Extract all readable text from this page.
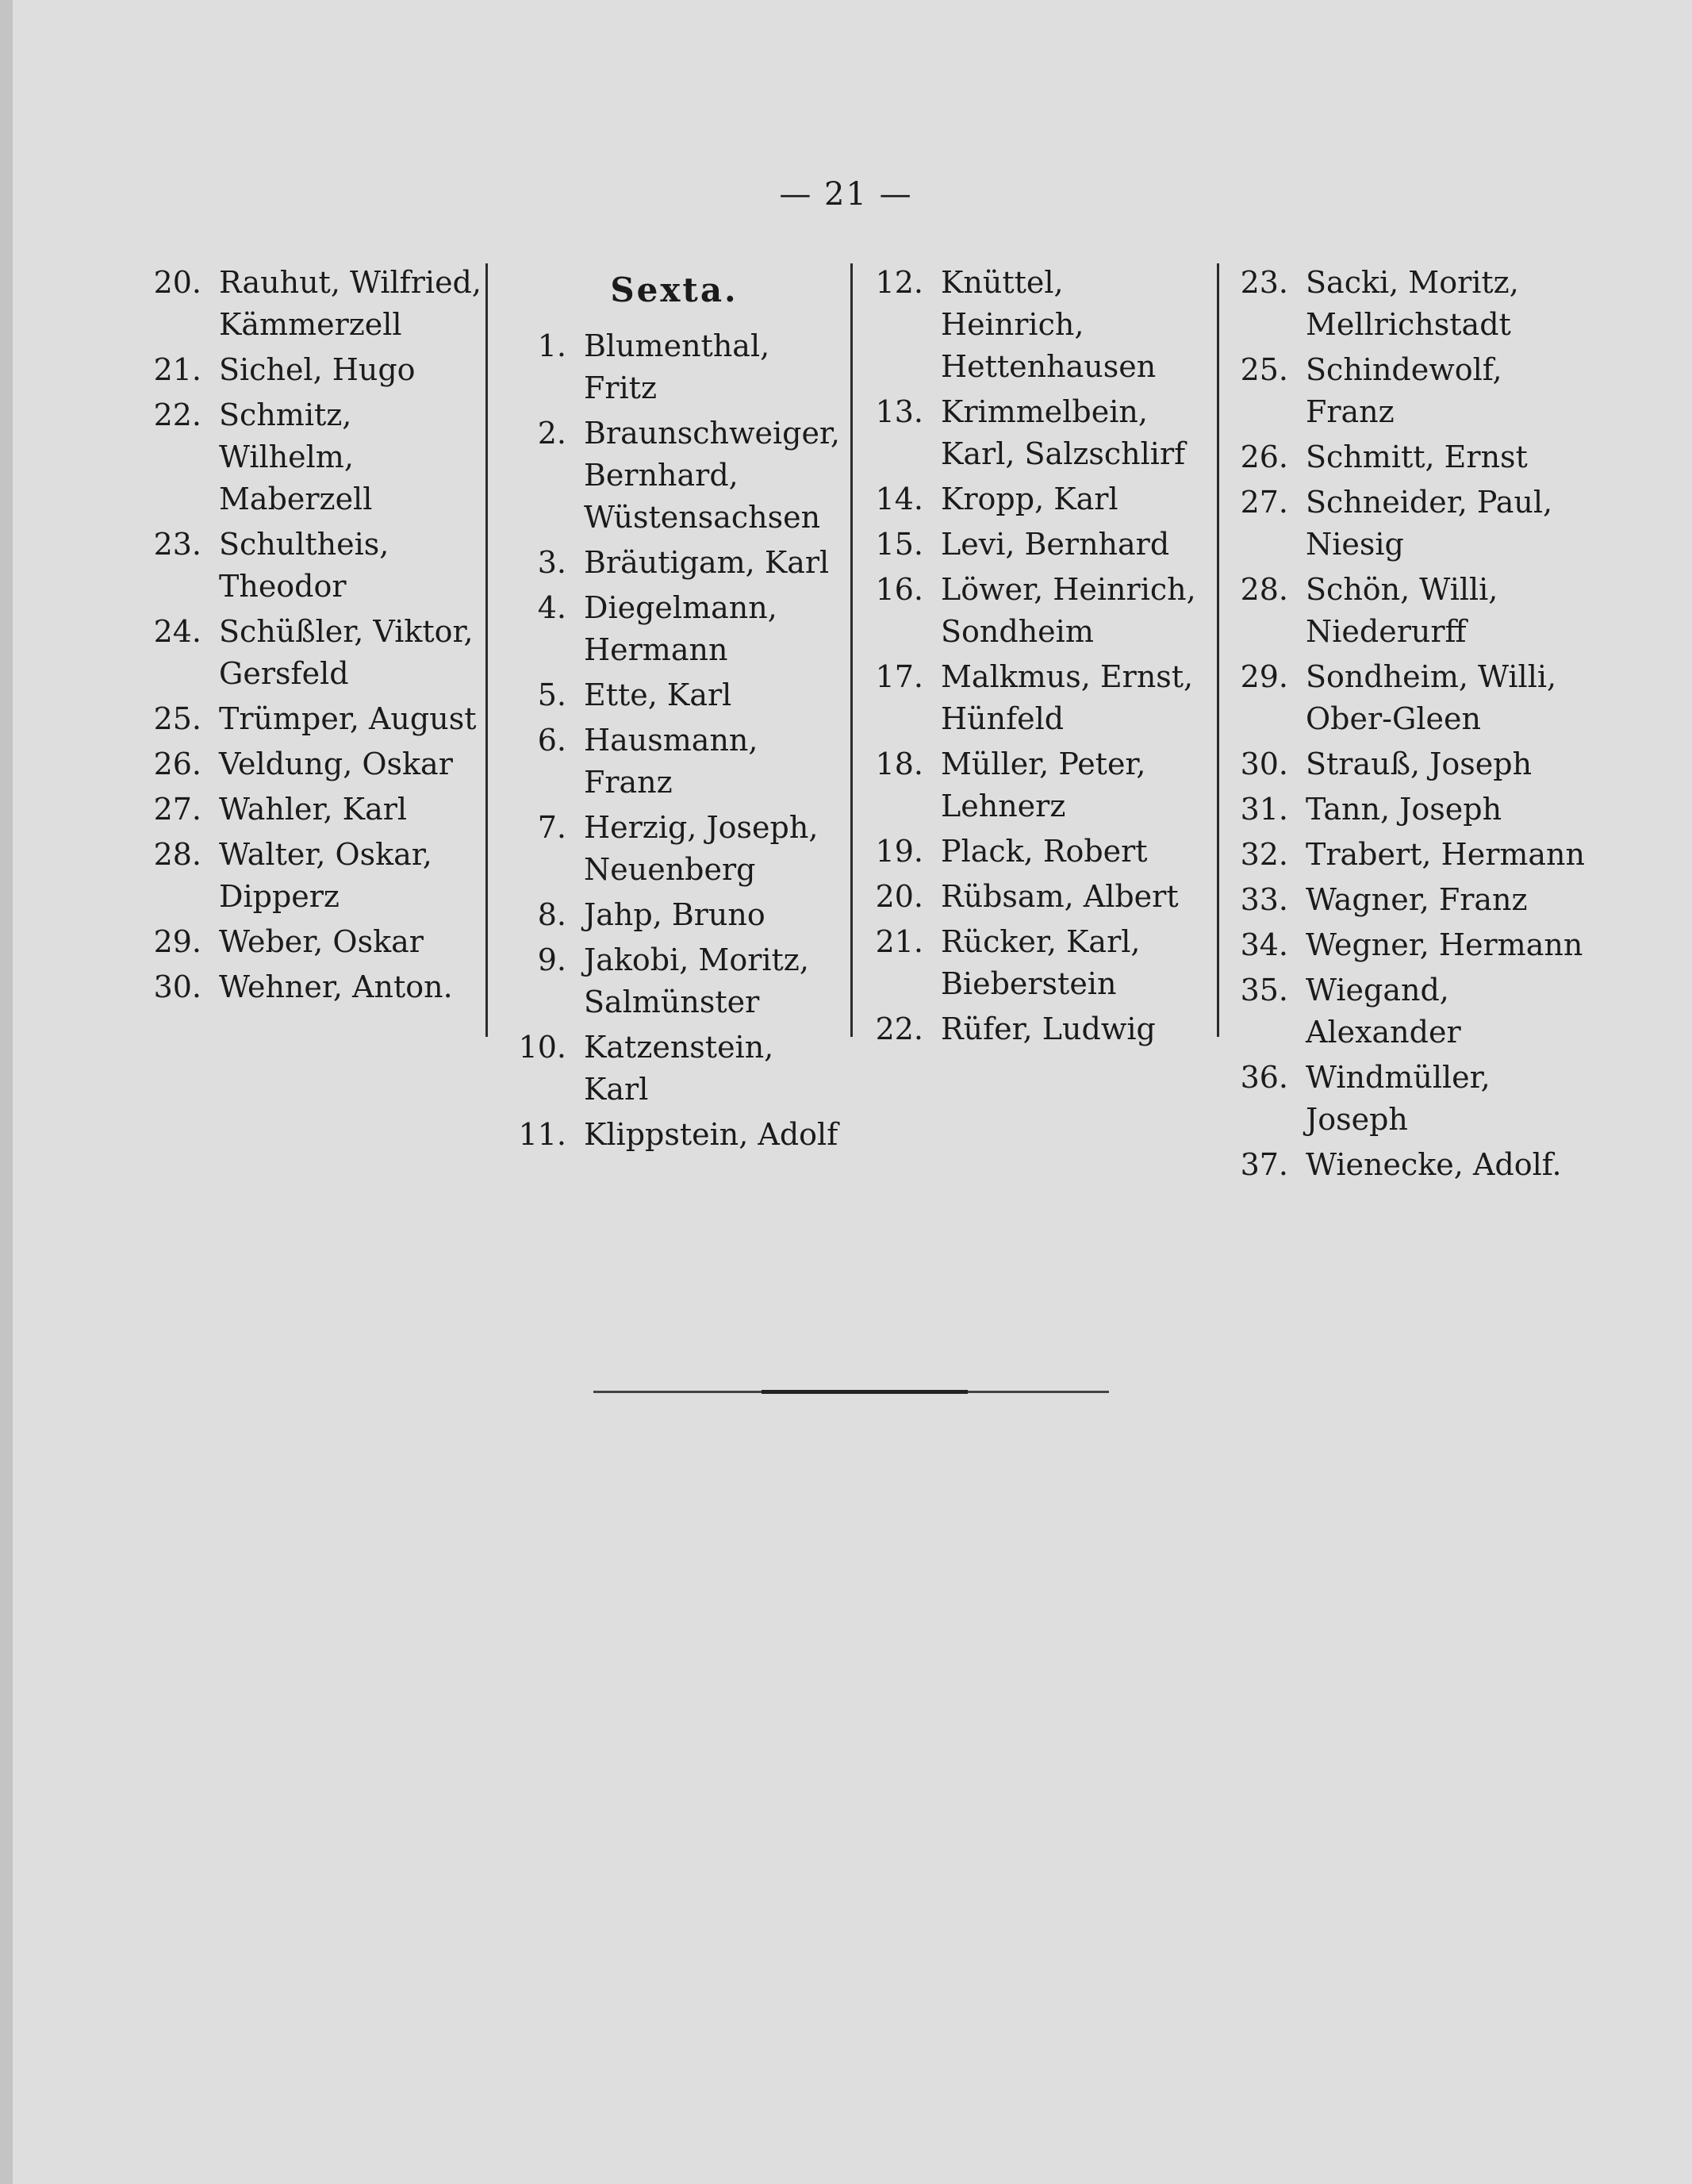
— 21 —
20. Rauhut, Wilfried, Kämmerzell
21. Sichel, Hugo
22. Schmitz, Wilhelm, Maberzell
23. Schultheis, Theodor
24. Schüßler, Viktor, Gersfeld
25. Trümper, August
26. Veldung, Oskar
27. Wahler, Karl
28. Walter, Oskar, Dipperz
29. Weber, Oskar
30. Wehner, Anton.
Sexta.
1. Blumenthal, Fritz
2. Braunschweiger, Bernhard, Wüstensachsen
3. Bräutigam, Karl
4. Diegelmann, Hermann
5. Ette, Karl
6. Hausmann, Franz
7. Herzig, Joseph, Neuenberg
8. Jahp, Bruno
9. Jakobi, Moritz, Salmünster
10. Katzenstein, Karl
11. Klippstein, Adolf
12. Knüttel, Heinrich, Hettenhausen
13. Krimmelbein, Karl, Salzschlirf
14. Kropp, Karl
15. Levi, Bernhard
16. Löwer, Heinrich, Sondheim
17. Malkmus, Ernst, Hünfeld
18. Müller, Peter, Lehnerz
19. Plack, Robert
20. Rübsam, Albert
21. Rücker, Karl, Bieberstein
22. Rüfer, Ludwig
23. Sacki, Moritz, Mellrichstadt
25. Schindewolf, Franz
26. Schmitt, Ernst
27. Schneider, Paul, Niesig
28. Schön, Willi, Niederurff
29. Sondheim, Willi, Ober-Gleen
30. Strauß, Joseph
31. Tann, Joseph
32. Trabert, Hermann
33. Wagner, Franz
34. Wegner, Hermann
35. Wiegand, Alexander
36. Windmüller, Joseph
37. Wienecke, Adolf.
